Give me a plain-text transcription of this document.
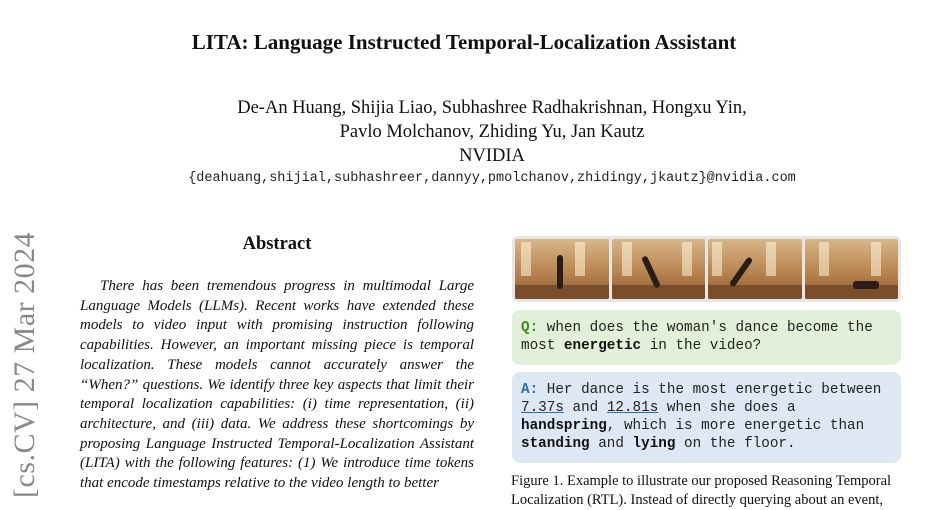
LITA: Language Instructed Temporal-Localization Assistant
De-An Huang, Shijia Liao, Subhashree Radhakrishnan, Hongxu Yin,
Pavlo Molchanov, Zhiding Yu, Jan Kautz
NVIDIA
{deahuang,shijial,subhashreer,dannyy,pmolchanov,zhidingy,jkautz}@nvidia.com
[cs.CV] 27 Mar 2024	Abstract

There has been tremendous progress in multimodal Large Language Models (LLMs). Recent works have extended these models to video input with promising instruction following capabilities. However, an important missing piece is temporal localization. These models cannot accurately answer the “When?” questions. We identify three key aspects that limit their temporal localization capabilities: (i) time representation, (ii) architecture, and (iii) data. We address these shortcomings by proposing Language Instructed Temporal-Localization Assistant (LITA) with the following features: (1) We introduce time tokens that encode timestamps relative to the video length to better

Q: when does the woman's dance become the most energetic in the video?
A: Her dance is the most energetic between 7.37s and 12.81s when she does a handspring, which is more energetic than standing and lying on the floor.
Figure 1. Example to illustrate our proposed Reasoning Temporal Localization (RTL). Instead of directly querying about an event,
